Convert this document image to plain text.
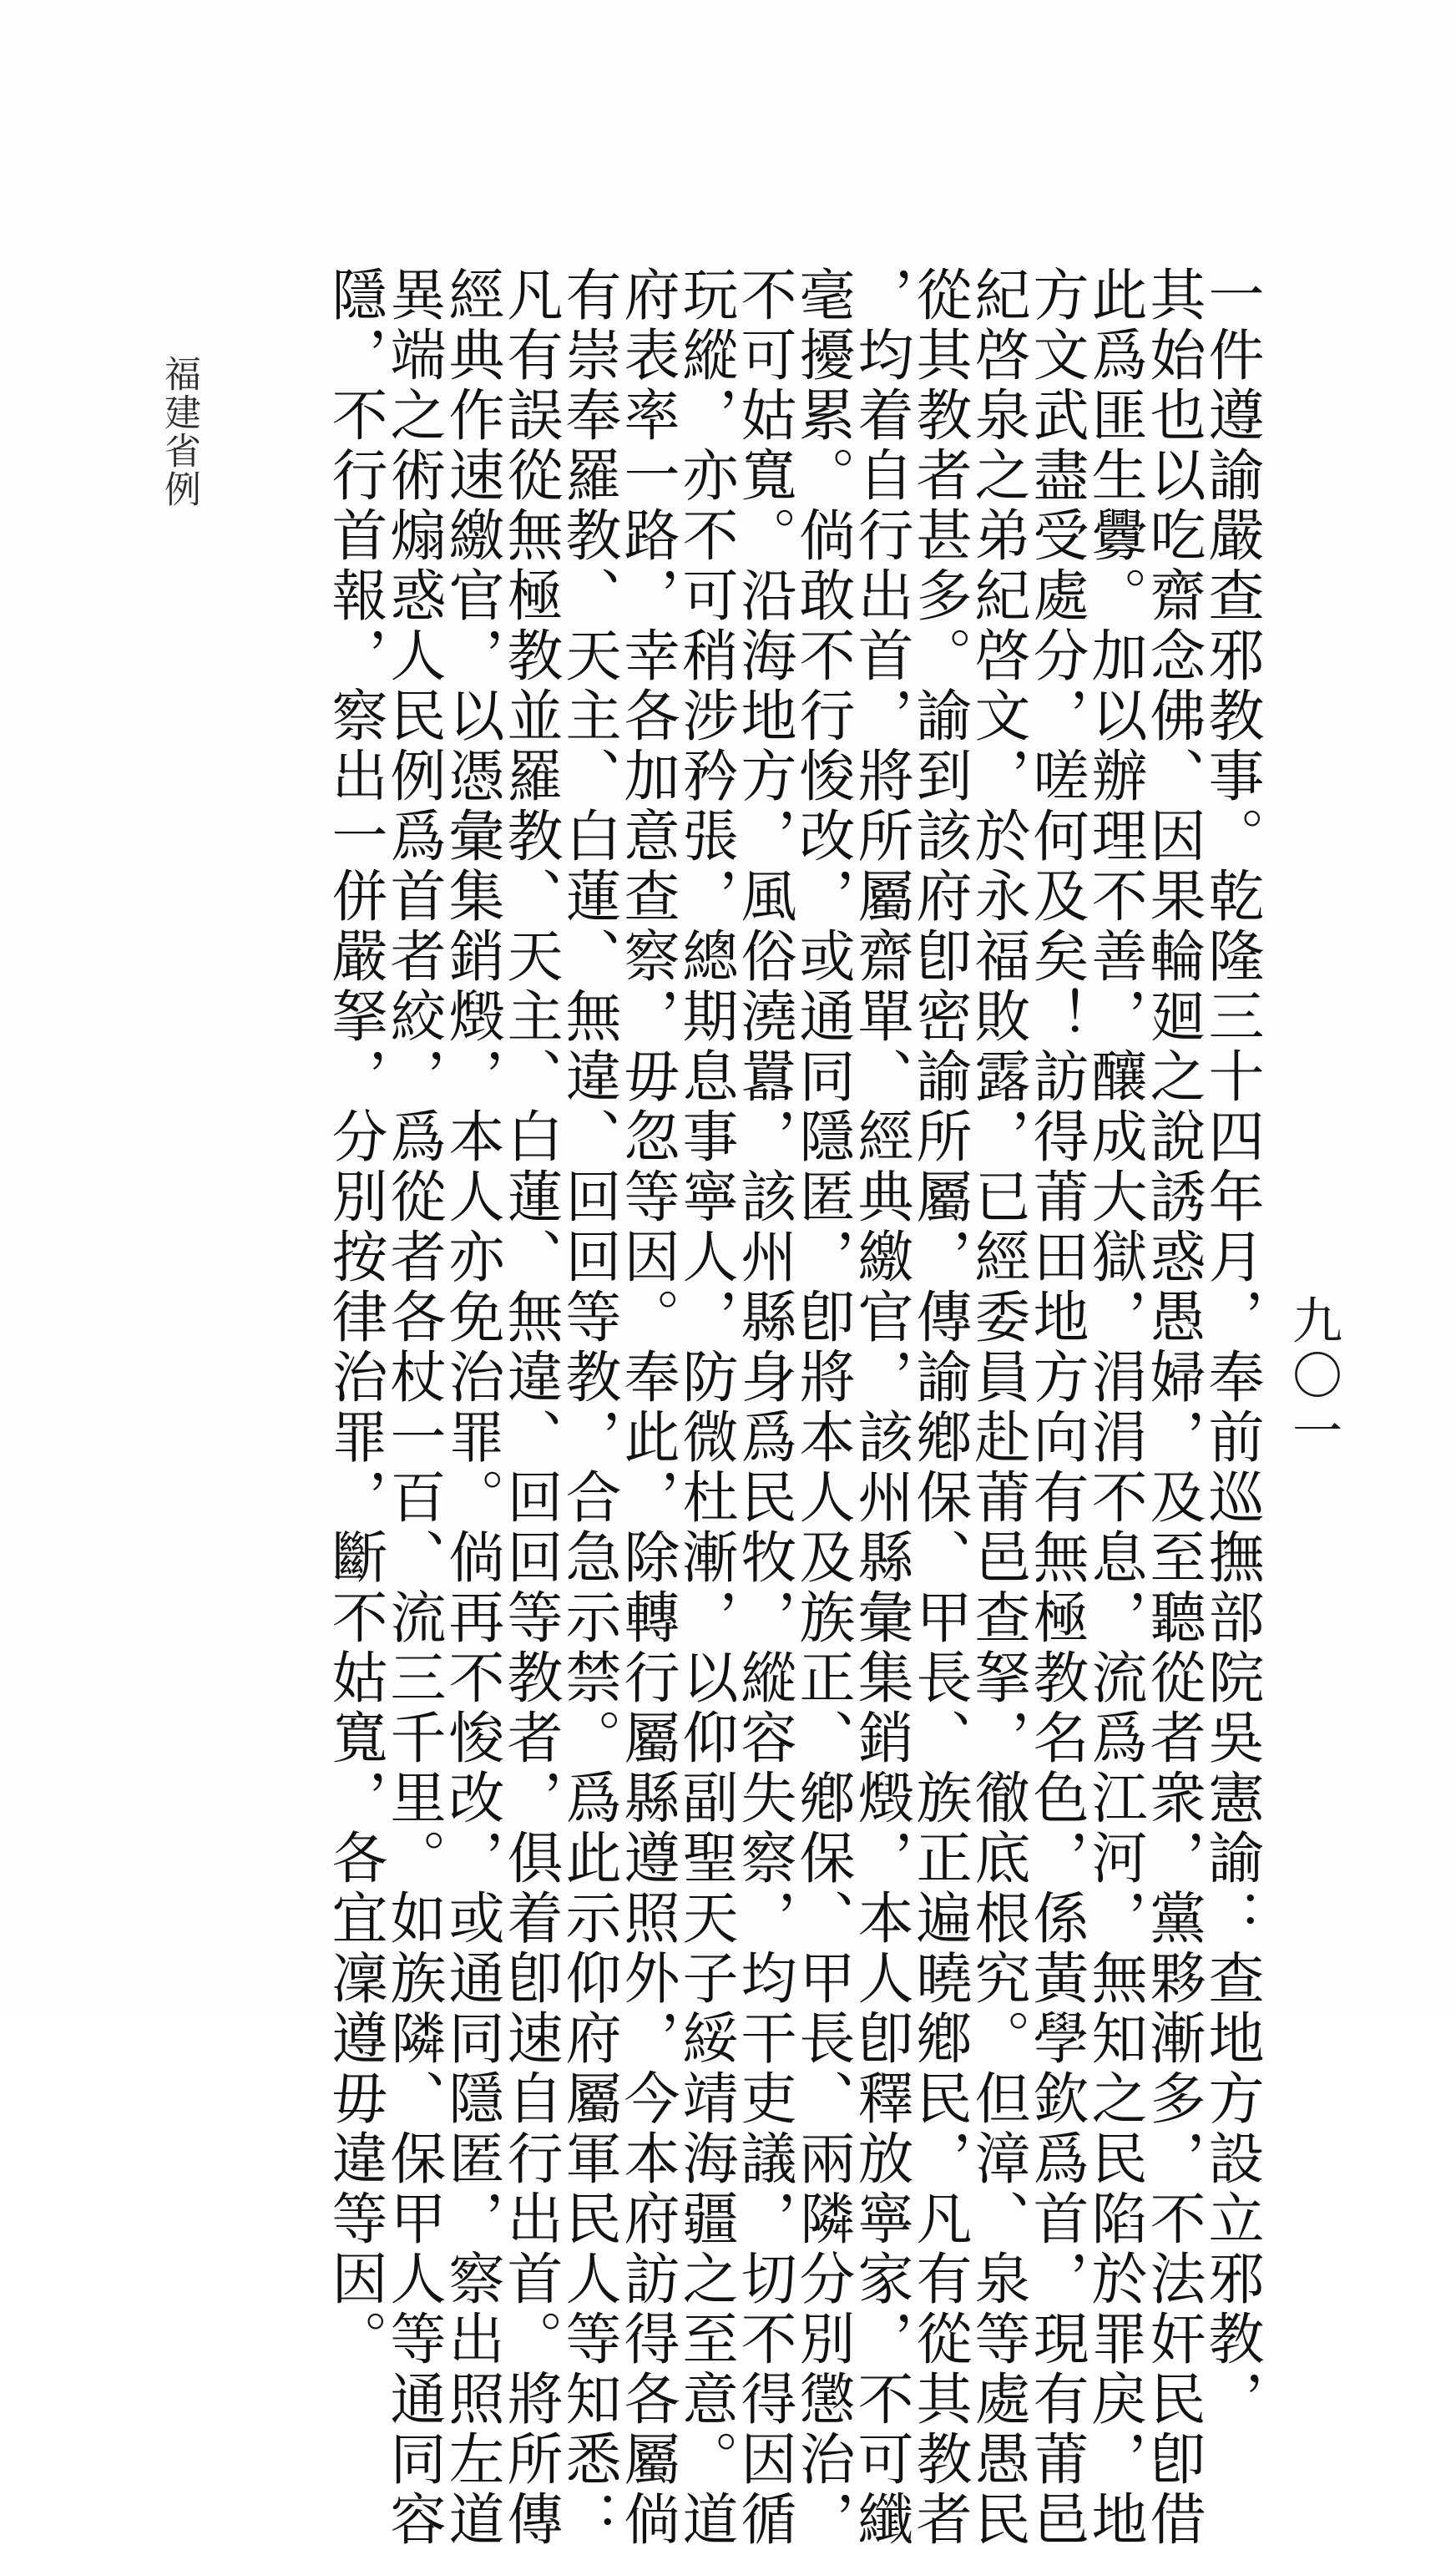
福建省例
九〇一
一件遵諭嚴查邪教事。乾隆三十四年月，奉前巡撫部院吳憲諭：查地方設立邪教，
其始也以吃齋念佛、因果輪廻之說誘惑愚婦，及至聽從者衆，黨夥漸多，不法奸民卽借
此爲匪生釁。加以辦理不善，釀成大獄，涓涓不息，流爲江河，無知之民陷於罪戾，地
方文武盡受處分，嗟何及矣！訪得莆田地方向有無極教名色，係黃學欽爲首，現有莆邑
紀啓泉之弟紀啓文，於永福敗露，已經委員赴莆邑查拏，徹底根究。但漳、泉等處愚民
從其教者甚多。諭到該府卽密諭所屬，傳諭鄕保、甲長、族正遍曉鄕民，凡有從其教者
，均着自行出首，將所屬齋單、經典繳官，該州縣彙集銷燬，本人卽釋放寧家，不可纖
毫擾累。倘敢不行悛改，或通同隱匿，卽將本人及族正、鄕保、甲長、兩隣分別懲治，
不可姑寬。沿海地方，風俗澆囂，該州縣身爲民牧，縱容失察，均干吏議，切不得因循
玩縱，亦不可稍涉矜張，總期息事寧人，防微杜漸，以仰副聖天子綏靖海疆之至意。道
府表率一路，幸各加意查察，毋忽等因。奉此，除轉行屬縣遵照外，今本府訪得各屬倘
有崇奉羅教、天主、白蓮、無違、回回等教，合急示禁。爲此示仰府屬軍民人等知悉：
凡有誤從無極教並羅教、天主、白蓮、無違、回回等教者，俱着卽速自行出首。將所傳
經典作速繳官，以憑彙集銷燬，本人亦免治罪。倘再不悛改，或通同隱匿，察出照左道
異端之術煽惑人民例爲首者絞，爲從者各杖一百、流三千里。如族隣、保甲人等通同容
隱，不行首報，察出一併嚴拏，分別按律治罪，斷不姑寬，各宜凜遵毋違等因。
